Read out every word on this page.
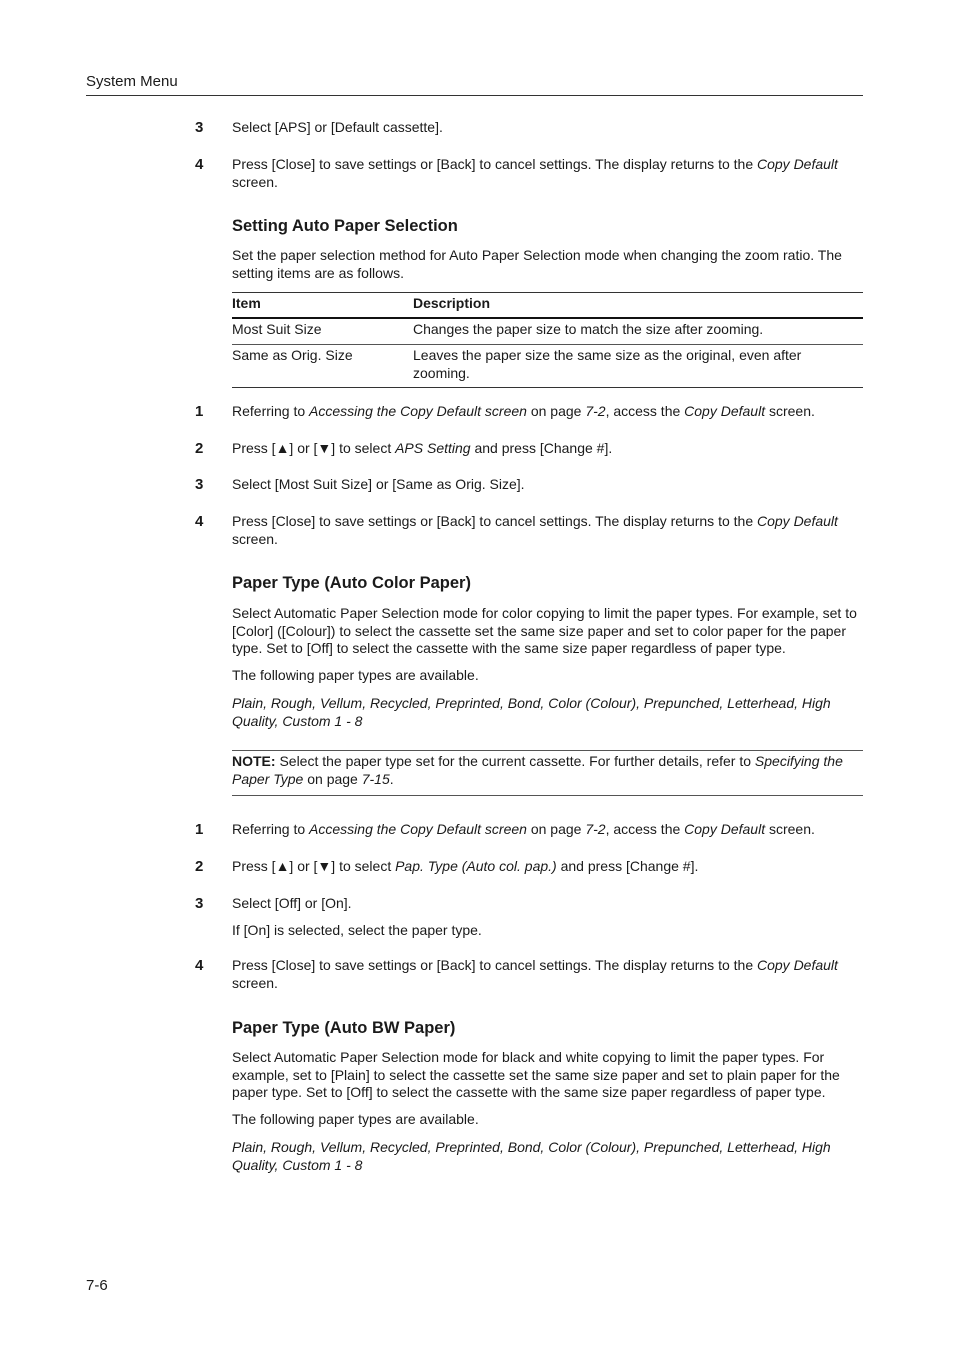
System Menu
3 Select [APS] or [Default cassette].
4 Press [Close] to save settings or [Back] to cancel settings. The display returns to the Copy Default screen.
Setting Auto Paper Selection
Set the paper selection method for Auto Paper Selection mode when changing the zoom ratio. The setting items are as follows.
Item	Description
Most Suit Size	Changes the paper size to match the size after zooming.
Same as Orig. Size	Leaves the paper size the same size as the original, even after zooming.
1 Referring to Accessing the Copy Default screen on page 7-2, access the Copy Default screen.
2 Press [▲] or [▼] to select APS Setting and press [Change #].
3 Select [Most Suit Size] or [Same as Orig. Size].
4 Press [Close] to save settings or [Back] to cancel settings. The display returns to the Copy Default screen.
Paper Type (Auto Color Paper)
Select Automatic Paper Selection mode for color copying to limit the paper types. For example, set to [Color] ([Colour]) to select the cassette set the same size paper and set to color paper for the paper type. Set to [Off] to select the cassette with the same size paper regardless of paper type.
The following paper types are available.
Plain, Rough, Vellum, Recycled, Preprinted, Bond, Color (Colour), Prepunched, Letterhead, High Quality, Custom 1 - 8
NOTE: Select the paper type set for the current cassette. For further details, refer to Specifying the Paper Type on page 7-15.
1 Referring to Accessing the Copy Default screen on page 7-2, access the Copy Default screen.
2 Press [▲] or [▼] to select Pap. Type (Auto col. pap.) and press [Change #].
3 Select [Off] or [On].
If [On] is selected, select the paper type.
4 Press [Close] to save settings or [Back] to cancel settings. The display returns to the Copy Default screen.
Paper Type (Auto BW Paper)
Select Automatic Paper Selection mode for black and white copying to limit the paper types. For example, set to [Plain] to select the cassette set the same size paper and set to plain paper for the paper type. Set to [Off] to select the cassette with the same size paper regardless of paper type.
The following paper types are available.
Plain, Rough, Vellum, Recycled, Preprinted, Bond, Color (Colour), Prepunched, Letterhead, High Quality, Custom 1 - 8
7-6
